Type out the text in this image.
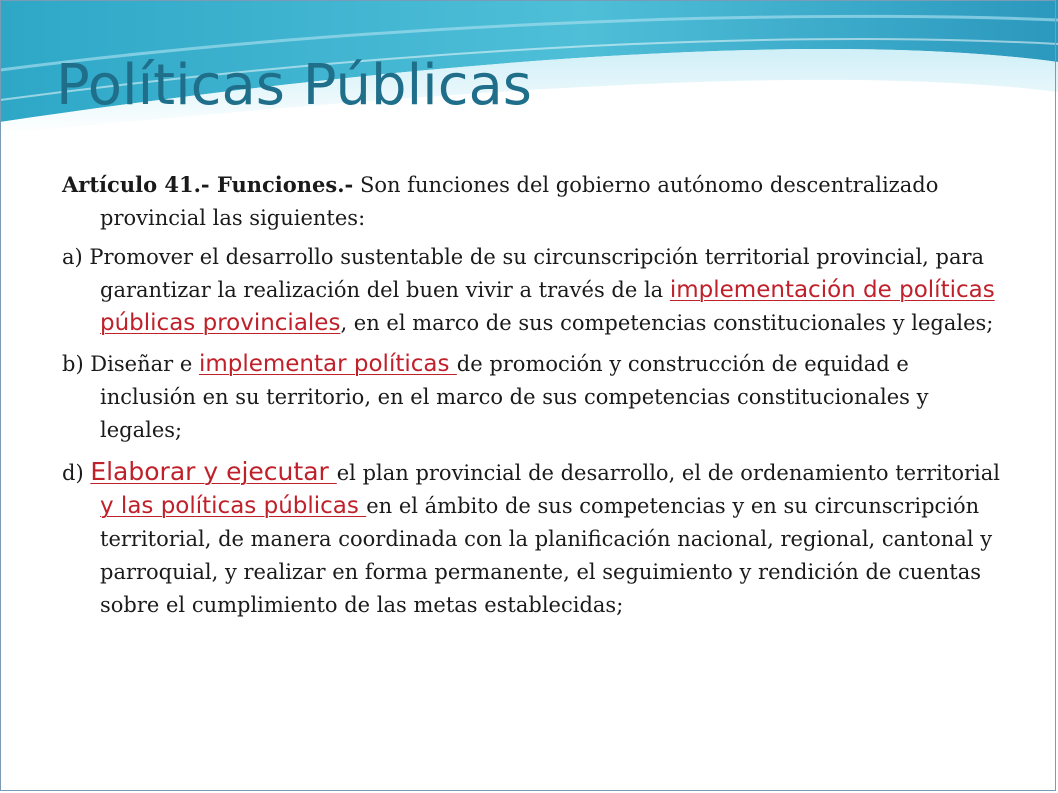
Políticas Públicas

Artículo 41.- Funciones.- Son funciones del gobierno autónomo descentralizado provincial las siguientes:

a) Promover el desarrollo sustentable de su circunscripción territorial provincial, para garantizar la realización del buen vivir a través de la implementación de políticas públicas provinciales, en el marco de sus competencias constitucionales y legales;

b) Diseñar e implementar políticas de promoción y construcción de equidad e inclusión en su territorio, en el marco de sus competencias constitucionales y legales;

d) Elaborar y ejecutar el plan provincial de desarrollo, el de ordenamiento territorial y las políticas públicas en el ámbito de sus competencias y en su circunscripción territorial, de manera coordinada con la planificación nacional, regional, cantonal y parroquial, y realizar en forma permanente, el seguimiento y rendición de cuentas sobre el cumplimiento de las metas establecidas;
